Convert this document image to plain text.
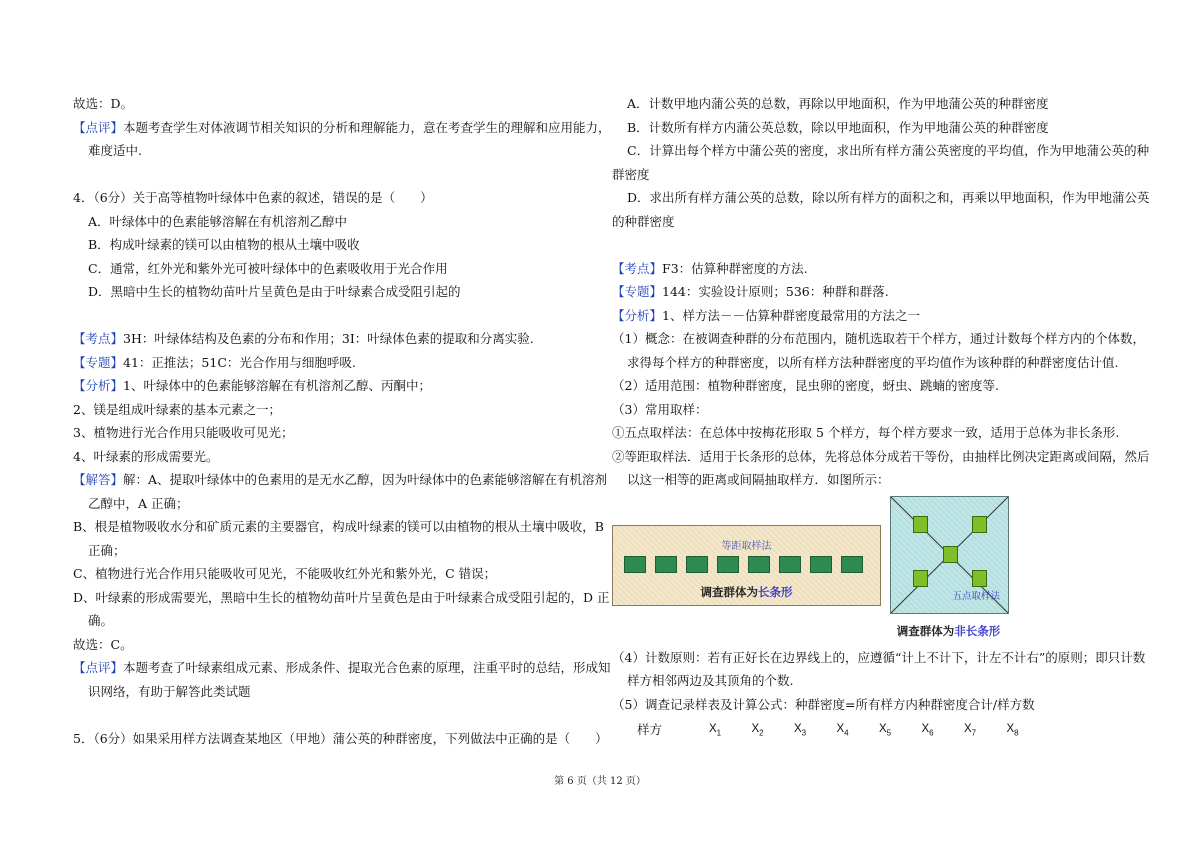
故选：D。

【点评】本题考查学生对体液调节相关知识的分析和理解能力，意在考查学生的理解和应用能力，

难度适中.

4．（6分）关于高等植物叶绿体中色素的叙述，错误的是（　　）

A．叶绿体中的色素能够溶解在有机溶剂乙醇中

B．构成叶绿素的镁可以由植物的根从土壤中吸收

C．通常，红外光和紫外光可被叶绿体中的色素吸收用于光合作用

D．黑暗中生长的植物幼苗叶片呈黄色是由于叶绿素合成受阻引起的

【考点】3H：叶绿体结构及色素的分布和作用；3I：叶绿体色素的提取和分离实验.

【专题】41：正推法；51C：光合作用与细胞呼吸.

【分析】1、叶绿体中的色素能够溶解在有机溶剂乙醇、丙酮中；

2、镁是组成叶绿素的基本元素之一；

3、植物进行光合作用只能吸收可见光；

4、叶绿素的形成需要光。

【解答】解：A、提取叶绿体中的色素用的是无水乙醇，因为叶绿体中的色素能够溶解在有机溶剂

乙醇中，A 正确；

B、根是植物吸收水分和矿质元素的主要器官，构成叶绿素的镁可以由植物的根从土壤中吸收，B

正确；

C、植物进行光合作用只能吸收可见光，不能吸收红外光和紫外光，C 错误；

D、叶绿素的形成需要光，黑暗中生长的植物幼苗叶片呈黄色是由于叶绿素合成受阻引起的，D 正

确。

故选：C。

【点评】本题考查了叶绿素组成元素、形成条件、提取光合色素的原理，注重平时的总结，形成知

识网络，有助于解答此类试题

5．（6分）如果采用样方法调查某地区（甲地）蒲公英的种群密度，下列做法中正确的是（　　）

A．计数甲地内蒲公英的总数，再除以甲地面积，作为甲地蒲公英的种群密度

B．计数所有样方内蒲公英总数，除以甲地面积，作为甲地蒲公英的种群密度

C．计算出每个样方中蒲公英的密度，求出所有样方蒲公英密度的平均值，作为甲地蒲公英的种

群密度

D．求出所有样方蒲公英的总数，除以所有样方的面积之和，再乘以甲地面积，作为甲地蒲公英

的种群密度

【考点】F3：估算种群密度的方法.

【专题】144：实验设计原则；536：种群和群落.

【分析】1、样方法－－估算种群密度最常用的方法之一

（1）概念：在被调查种群的分布范围内，随机选取若干个样方，通过计数每个样方内的个体数，

求得每个样方的种群密度，以所有样方法种群密度的平均值作为该种群的种群密度估计值.

（2）适用范围：植物种群密度，昆虫卵的密度，蚜虫、跳蝻的密度等.

（3）常用取样：

①五点取样法：在总体中按梅花形取 5 个样方，每个样方要求一致，适用于总体为非长条形.

②等距取样法．适用于长条形的总体，先将总体分成若干等份，由抽样比例决定距离或间隔，然后

以这一相等的距离或间隔抽取样方．如图所示：

等距取样法
调查群体为长条形	五点取样法
调查群体为非长条形

（4）计数原则：若有正好长在边界线上的，应遵循“计上不计下，计左不计右”的原则；即只计数

样方相邻两边及其顶角的个数.

（5）调查记录样表及计算公式：种群密度=所有样方内种群密度合计/样方数

样方	$X_1$	$X_2$	$X_3$	$X_4$	$X_5$	$X_6$	$X_7$	$X_8$
第 6 页（共 12 页）
